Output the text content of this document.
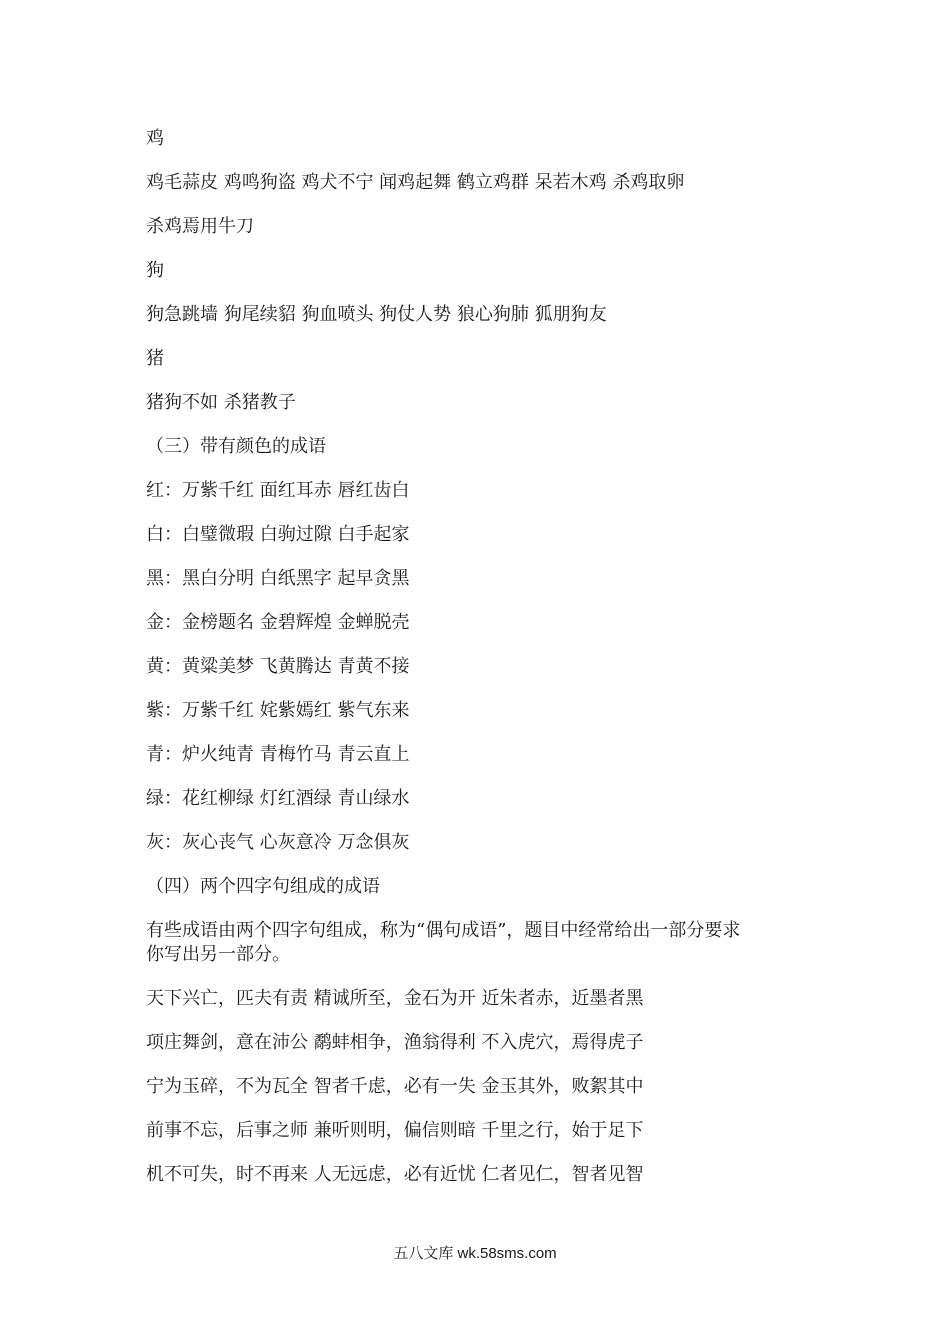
鸡
鸡毛蒜皮 鸡鸣狗盗 鸡犬不宁 闻鸡起舞 鹤立鸡群 呆若木鸡 杀鸡取卵
杀鸡焉用牛刀
狗
狗急跳墙 狗尾续貂 狗血喷头 狗仗人势 狼心狗肺 狐朋狗友
猪
猪狗不如 杀猪教子
（三）带有颜色的成语
红：万紫千红 面红耳赤 唇红齿白
白：白璧微瑕 白驹过隙 白手起家
黑：黑白分明 白纸黑字 起早贪黑
金：金榜题名 金碧辉煌 金蝉脱壳
黄：黄粱美梦 飞黄腾达 青黄不接
紫：万紫千红 姹紫嫣红 紫气东来
青：炉火纯青 青梅竹马 青云直上
绿：花红柳绿 灯红酒绿 青山绿水
灰：灰心丧气 心灰意冷 万念俱灰
（四）两个四字句组成的成语
有些成语由两个四字句组成，称为“偶句成语”，题目中经常给出一部分要求
你写出另一部分。
天下兴亡，匹夫有责 精诚所至，金石为开 近朱者赤，近墨者黑
项庄舞剑，意在沛公 鹬蚌相争，渔翁得利 不入虎穴，焉得虎子
宁为玉碎，不为瓦全 智者千虑，必有一失 金玉其外，败絮其中
前事不忘，后事之师 兼听则明，偏信则暗 千里之行，始于足下
机不可失，时不再来 人无远虑，必有近忧 仁者见仁，智者见智
五八文库 wk.58sms.com
